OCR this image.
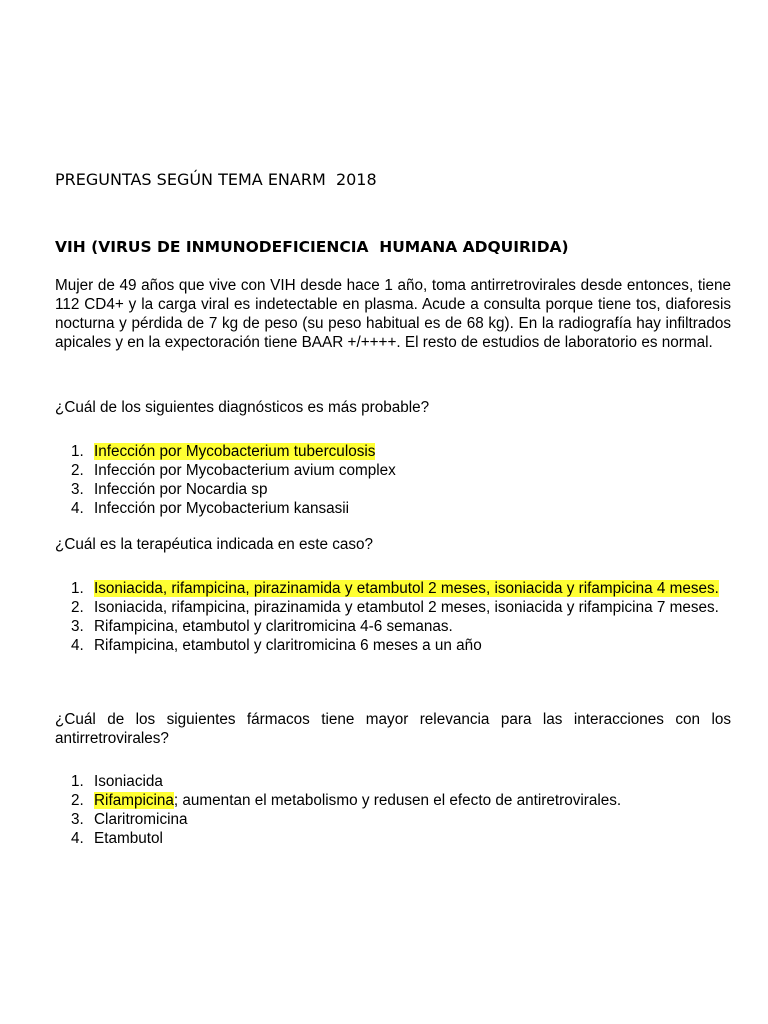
PREGUNTAS SEGÚN TEMA ENARM  2018
VIH (VIRUS DE INMUNODEFICIENCIA  HUMANA ADQUIRIDA)
Mujer de 49 años que vive con VIH desde hace 1 año, toma antirretrovirales desde entonces, tiene 112 CD4+ y la carga viral es indetectable en plasma. Acude a consulta porque tiene tos, diaforesis nocturna y pérdida de 7 kg de peso (su peso habitual es de 68 kg). En la radiografía hay infiltrados apicales y en la expectoración tiene BAAR +/++++. El resto de estudios de laboratorio es normal.
¿Cuál de los siguientes diagnósticos es más probable?
1. Infección por Mycobacterium tuberculosis
2. Infección por Mycobacterium avium complex
3. Infección por Nocardia sp
4. Infección por Mycobacterium kansasii
¿Cuál es la terapéutica indicada en este caso?
1. Isoniacida, rifampicina, pirazinamida y etambutol 2 meses, isoniacida y rifampicina 4 meses.
2. Isoniacida, rifampicina, pirazinamida y etambutol 2 meses, isoniacida y rifampicina 7 meses.
3. Rifampicina, etambutol y claritromicina 4-6 semanas.
4. Rifampicina, etambutol y claritromicina 6 meses a un año
¿Cuál de los siguientes fármacos tiene mayor relevancia para las interacciones con los antirretrovirales?
1. Isoniacida
2. Rifampicina; aumentan el metabolismo y redusen el efecto de antiretrovirales.
3. Claritromicina
4. Etambutol
